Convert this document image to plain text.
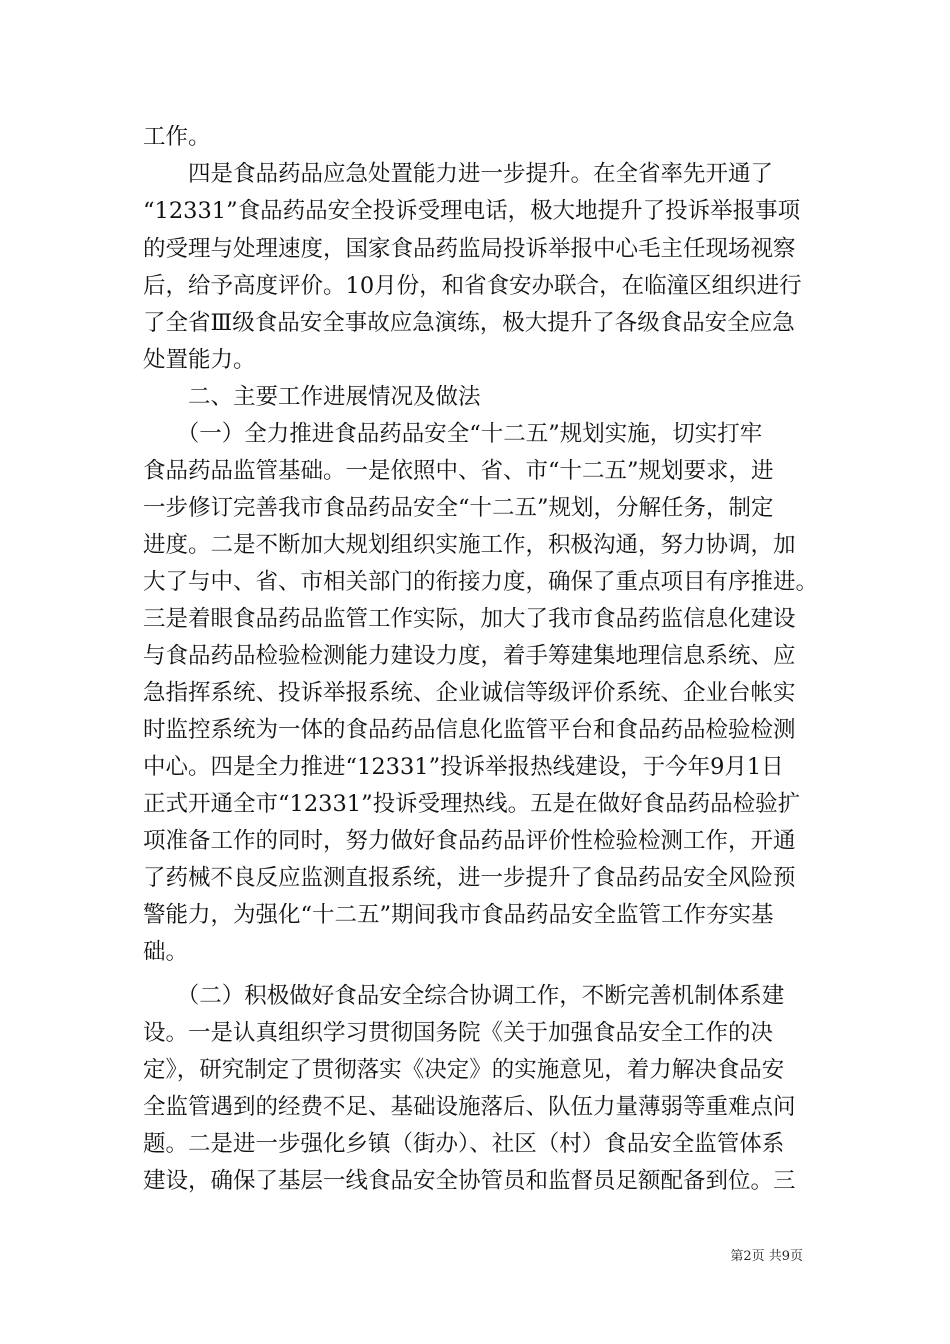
工作。
　　四是食品药品应急处置能力进一步提升。在全省率先开通了
“12331”食品药品安全投诉受理电话，极大地提升了投诉举报事项
的受理与处理速度，国家食品药监局投诉举报中心毛主任现场视察
后，给予高度评价。10月份，和省食安办联合，在临潼区组织进行
了全省Ⅲ级食品安全事故应急演练，极大提升了各级食品安全应急
处置能力。
　　二、主要工作进展情况及做法
　　（一）全力推进食品药品安全“十二五”规划实施，切实打牢
食品药品监管基础。一是依照中、省、市“十二五”规划要求，进
一步修订完善我市食品药品安全“十二五”规划，分解任务，制定
进度。二是不断加大规划组织实施工作，积极沟通，努力协调，加
大了与中、省、市相关部门的衔接力度，确保了重点项目有序推进。
三是着眼食品药品监管工作实际，加大了我市食品药监信息化建设
与食品药品检验检测能力建设力度，着手筹建集地理信息系统、应
急指挥系统、投诉举报系统、企业诚信等级评价系统、企业台帐实
时监控系统为一体的食品药品信息化监管平台和食品药品检验检测
中心。四是全力推进“12331”投诉举报热线建设，于今年9月1日
正式开通全市“12331”投诉受理热线。五是在做好食品药品检验扩
项准备工作的同时，努力做好食品药品评价性检验检测工作，开通
了药械不良反应监测直报系统，进一步提升了食品药品安全风险预
警能力，为强化“十二五”期间我市食品药品安全监管工作夯实基
础。
　　（二）积极做好食品安全综合协调工作，不断完善机制体系建
设。一是认真组织学习贯彻国务院《关于加强食品安全工作的决
定》，研究制定了贯彻落实《决定》的实施意见，着力解决食品安
全监管遇到的经费不足、基础设施落后、队伍力量薄弱等重难点问
题。二是进一步强化乡镇（街办）、社区（村）食品安全监管体系
建设，确保了基层一线食品安全协管员和监督员足额配备到位。三
第2页 共9页
